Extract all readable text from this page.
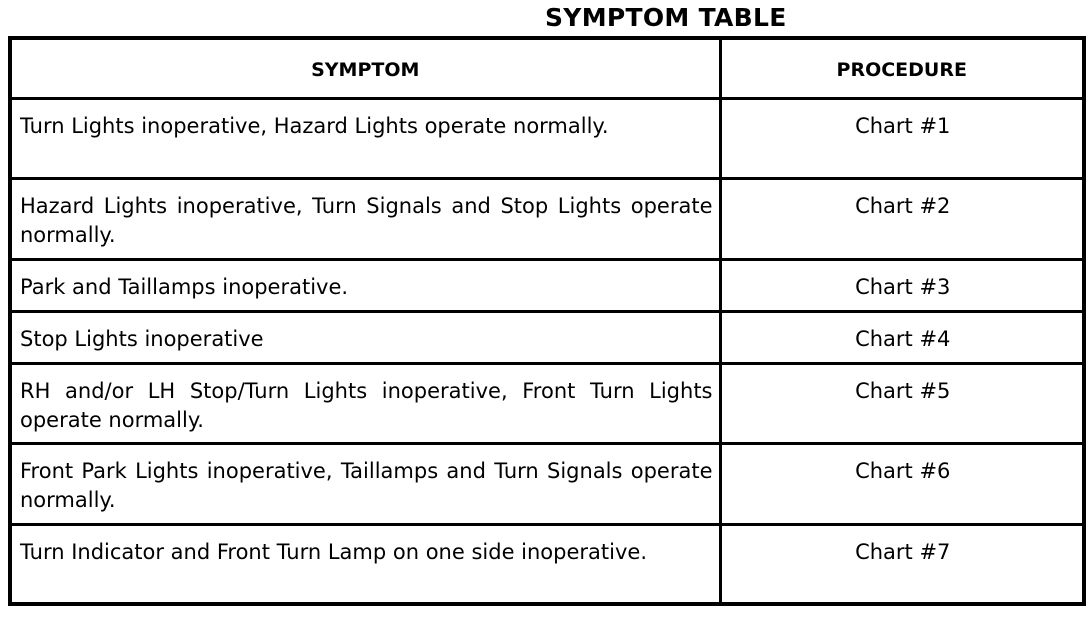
SYMPTOM TABLE
SYMPTOM	PROCEDURE
Turn Lights inoperative, Hazard Lights operate normally.	Chart #1
Hazard Lights inoperative, Turn Signals and Stop Lights operate normally.	Chart #2
Park and Taillamps inoperative.	Chart #3
Stop Lights inoperative	Chart #4
RH and/or LH Stop/Turn Lights inoperative, Front Turn Lights operate normally.	Chart #5
Front Park Lights inoperative, Taillamps and Turn Signals operate normally.	Chart #6
Turn Indicator and Front Turn Lamp on one side inoperative.	Chart #7
